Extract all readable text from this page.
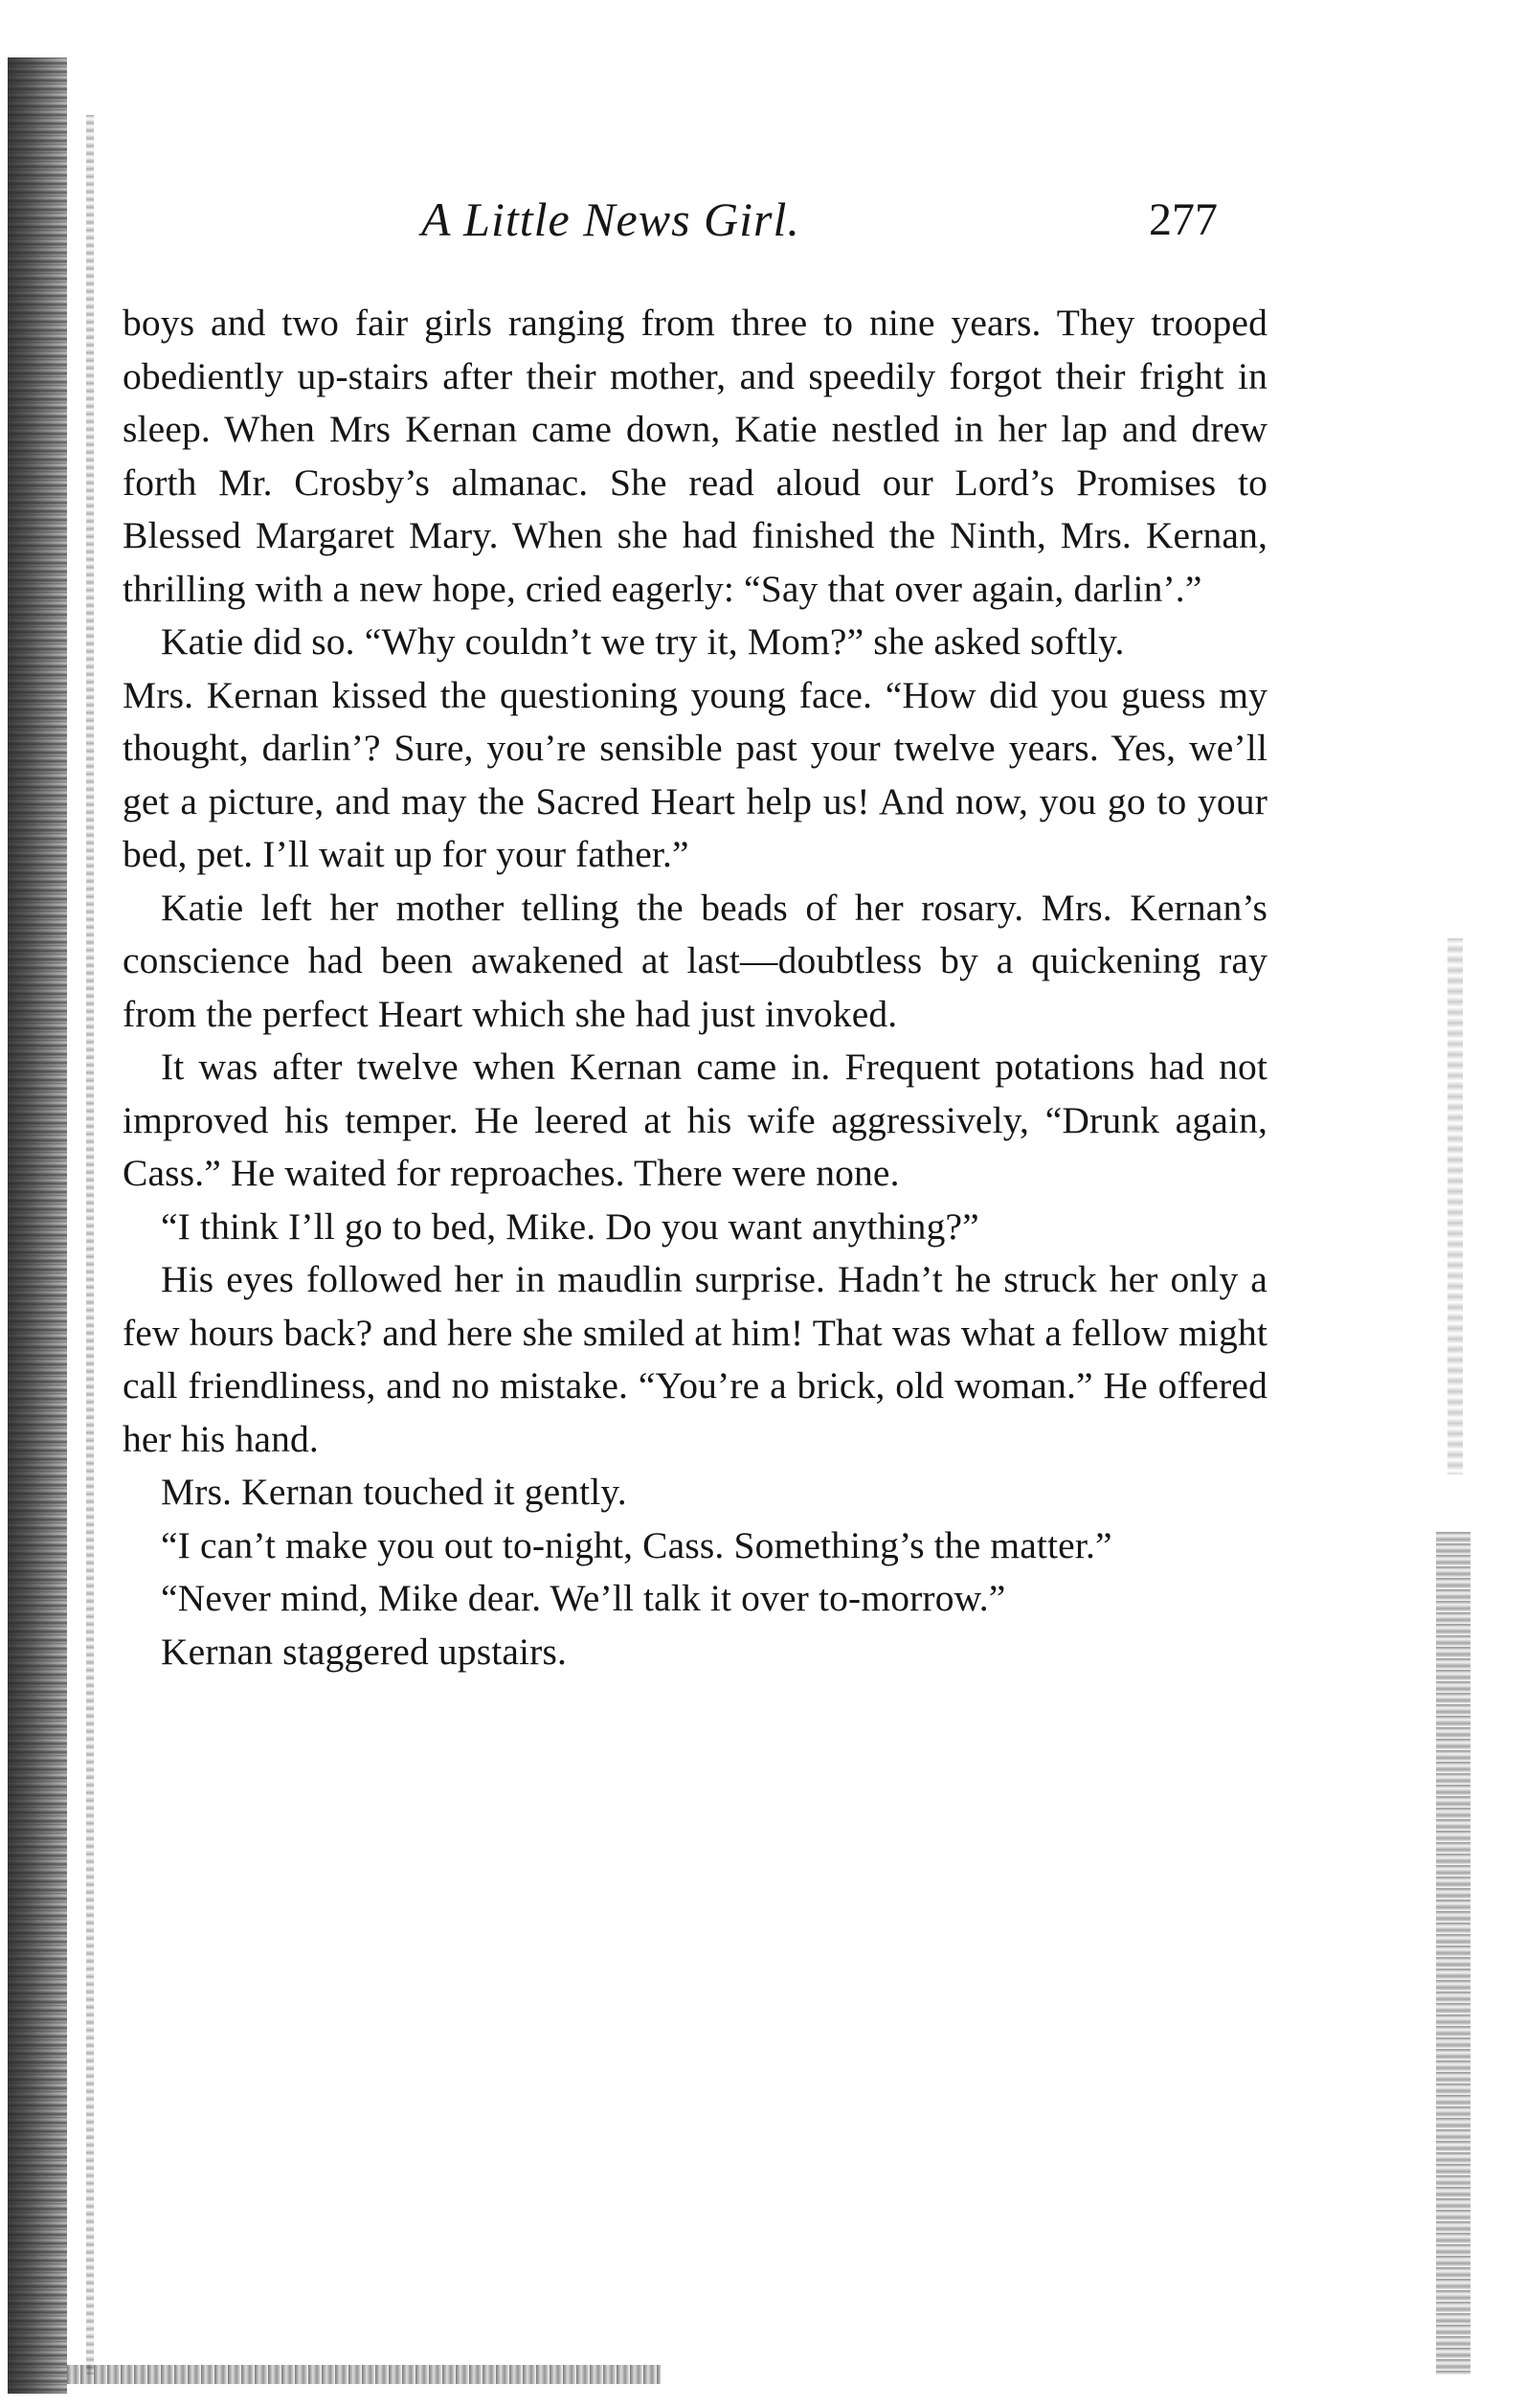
A Little News Girl.	277

boys and two fair girls ranging from three to nine years. They trooped obediently up-stairs after their mother, and speedily forgot their fright in sleep. When Mrs Kernan came down, Katie nestled in her lap and drew forth Mr. Crosby’s almanac. She read aloud our Lord’s Promises to Blessed Margaret Mary. When she had finished the Ninth, Mrs. Kernan, thrilling with a new hope, cried eagerly: “Say that over again, darlin’.”

Katie did so. “Why couldn’t we try it, Mom?” she asked softly.

Mrs. Kernan kissed the questioning young face. “How did you guess my thought, darlin’? Sure, you’re sensible past your twelve years. Yes, we’ll get a picture, and may the Sacred Heart help us! And now, you go to your bed, pet. I’ll wait up for your father.”

Katie left her mother telling the beads of her rosary. Mrs. Kernan’s conscience had been awakened at last—doubtless by a quickening ray from the perfect Heart which she had just invoked.

It was after twelve when Kernan came in. Frequent potations had not improved his temper. He leered at his wife aggressively, “Drunk again, Cass.” He waited for reproaches. There were none.

“I think I’ll go to bed, Mike. Do you want anything?”

His eyes followed her in maudlin surprise. Hadn’t he struck her only a few hours back? and here she smiled at him! That was what a fellow might call friendliness, and no mistake. “You’re a brick, old woman.” He offered her his hand.

Mrs. Kernan touched it gently.

“I can’t make you out to-night, Cass. Something’s the matter.”

“Never mind, Mike dear. We’ll talk it over to-morrow.”

Kernan staggered upstairs.
